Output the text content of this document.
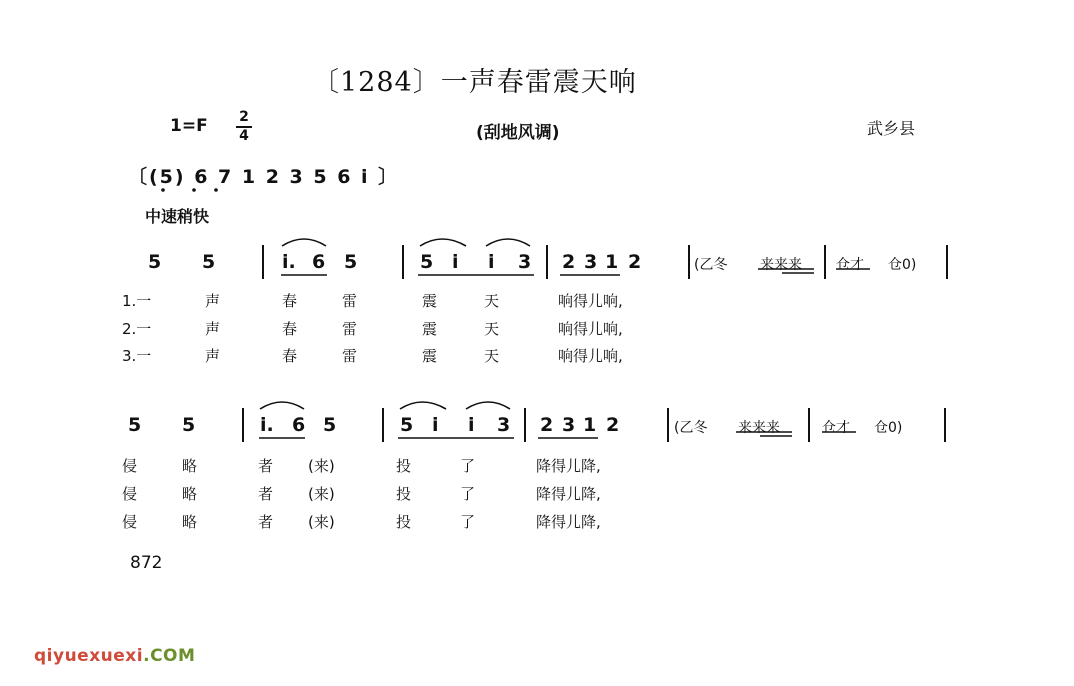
〔1284〕一声春雷震天响
1=F 2
4	(刮地风调)	武乡县
〔(5) 6 7 1 2 3 5 6 i 〕
中速稍快
5 5	i. 6 5	5 i i 3 2 3 1 2	(乙冬 来来来 仓才 仓0)
1.一	声	春	雷	震	天	响得儿响,
2.一	声	春	雷	震	天	响得儿响,
3.一	声	春	雷	震	天	响得儿响,
5 5	i. 6 5	5 i i 3 2 3 1 2	(乙冬 来来来	仓才 仓0)
侵	略	者 (来)	投	了	降得儿降,
侵	略	者 (来)	投	了	降得儿降,
侵	略	者 (来)	投	了	降得儿降,
872
qiyuexuexi.COM
